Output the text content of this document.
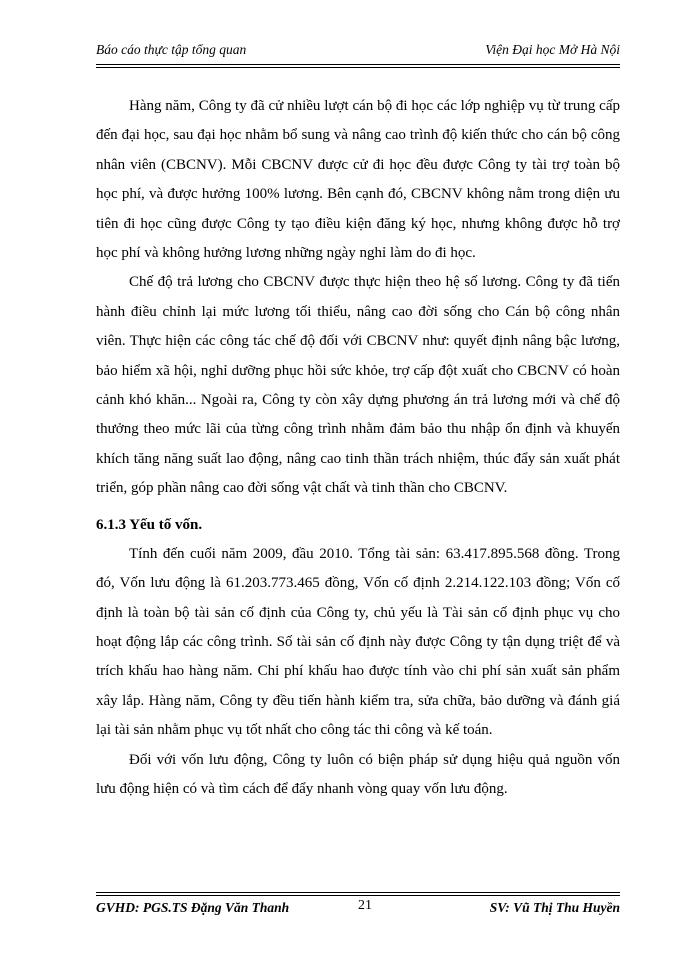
Báo cáo thực tập tổng quan	Viện Đại học Mở Hà Nội

Hàng năm, Công ty đã cử nhiều lượt cán bộ đi học các lớp nghiệp vụ từ trung cấp đến đại học, sau đại học nhằm bổ sung và nâng cao trình độ kiến thức cho cán bộ công nhân viên (CBCNV). Mỗi CBCNV được cử đi học đều được Công ty tài trợ toàn bộ học phí, và được hưởng 100% lương. Bên cạnh đó, CBCNV không nằm trong diện ưu tiên đi học cũng được Công ty tạo điều kiện đăng ký học, nhưng không được hỗ trợ học phí và không hưởng lương những ngày nghỉ làm do đi học.

Chế độ trả lương cho CBCNV được thực hiện theo hệ số lương. Công ty đã tiến hành điều chỉnh lại mức lương tối thiểu, nâng cao đời sống cho Cán bộ công nhân viên. Thực hiện các công tác chế độ đối với CBCNV như: quyết định nâng bậc lương, bảo hiểm xã hội, nghỉ dưỡng phục hồi sức khỏe, trợ cấp đột xuất cho CBCNV có hoàn cảnh khó khăn... Ngoài ra, Công ty còn xây dựng phương án trả lương mới và chế độ thưởng theo mức lãi của từng công trình nhằm đảm bảo thu nhập ổn định và khuyến khích tăng năng suất lao động, nâng cao tinh thần trách nhiệm, thúc đẩy sản xuất phát triển, góp phần nâng cao đời sống vật chất và tinh thần cho CBCNV.

6.1.3 Yếu tố vốn.

Tính đến cuối năm 2009, đầu 2010. Tổng tài sản: 63.417.895.568 đồng. Trong đó, Vốn lưu động là 61.203.773.465 đồng, Vốn cố định 2.214.122.103 đồng; Vốn cố định là toàn bộ tài sản cố định của Công ty, chủ yếu là Tài sản cố định phục vụ cho hoạt động lắp các công trình. Số tài sản cố định này được Công ty tận dụng triệt để và trích khấu hao hàng năm. Chi phí khấu hao được tính vào chi phí sản xuất sản phẩm xây lắp. Hàng năm, Công ty đều tiến hành kiểm tra, sửa chữa, bảo dưỡng và đánh giá lại tài sản nhằm phục vụ tốt nhất cho công tác thi công và kế toán.

Đối với vốn lưu động, Công ty luôn có biện pháp sử dụng hiệu quả nguồn vốn lưu động hiện có và tìm cách để đẩy nhanh vòng quay vốn lưu động.

GVHD: PGS.TS Đặng Văn Thanh	21	SV: Vũ Thị Thu Huyền
